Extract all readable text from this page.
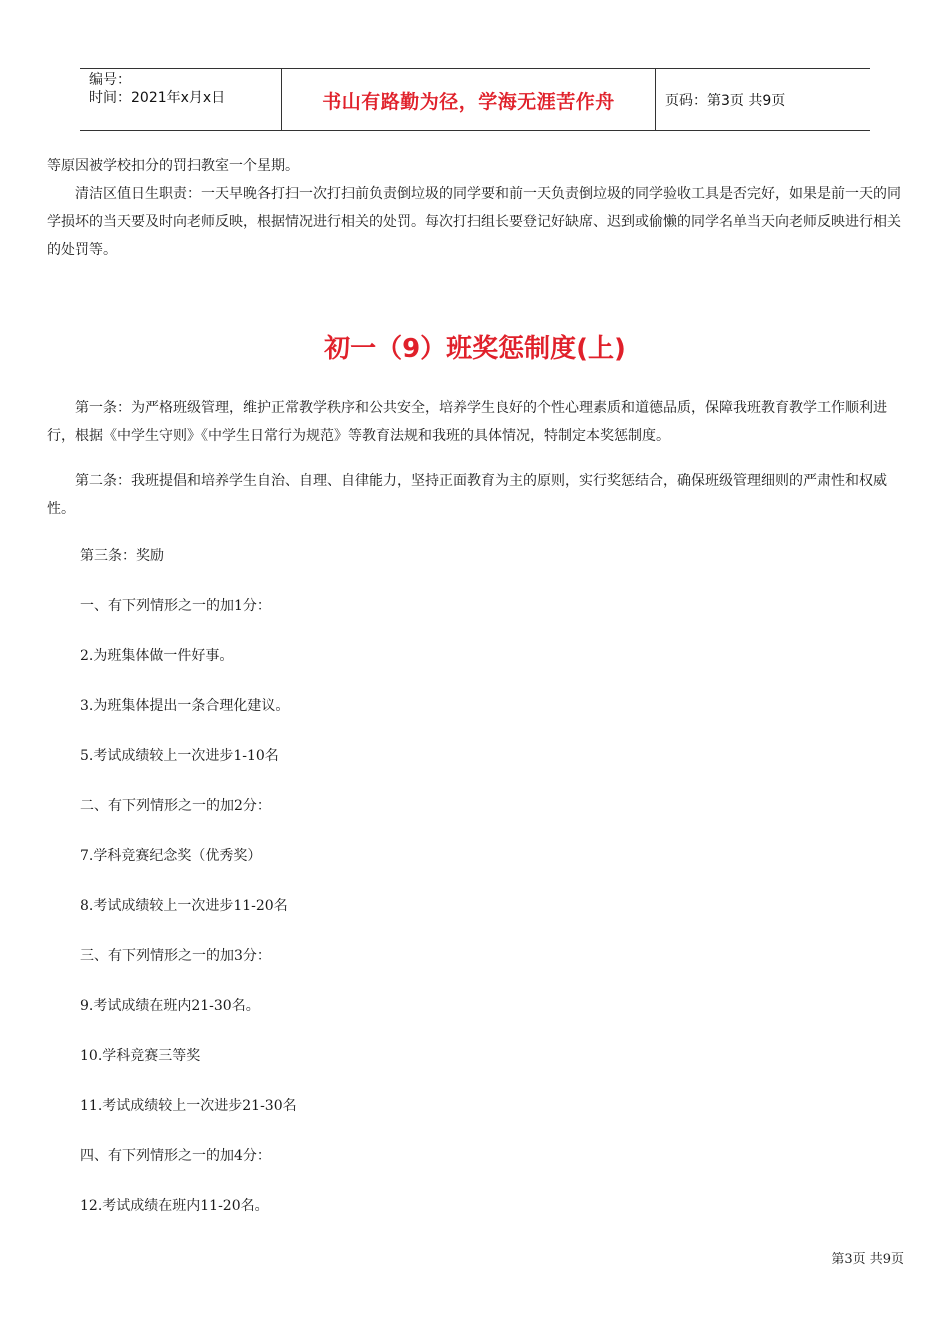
编号：
时间：2021年x月x日	书山有路勤为径，学海无涯苦作舟	页码：第3页 共9页

等原因被学校扣分的罚扫教室一个星期。

清洁区值日生职责：一天早晚各打扫一次打扫前负责倒垃圾的同学要和前一天负责倒垃圾的同学验收工具是否完好，如果是前一天的同学损坏的当天要及时向老师反映，根据情况进行相关的处罚。每次打扫组长要登记好缺席、迟到或偷懒的同学名单当天向老师反映进行相关的处罚等。

初一（9）班奖惩制度(上)

第一条：为严格班级管理，维护正常教学秩序和公共安全，培养学生良好的个性心理素质和道德品质，保障我班教育教学工作顺利进行，根据《中学生守则》《中学生日常行为规范》等教育法规和我班的具体情况，特制定本奖惩制度。

第二条：我班提倡和培养学生自治、自理、自律能力，坚持正面教育为主的原则，实行奖惩结合，确保班级管理细则的严肃性和权威性。

第三条：奖励

一、有下列情形之一的加1分：

2.为班集体做一件好事。

3.为班集体提出一条合理化建议。

5.考试成绩较上一次进步1-10名

二、有下列情形之一的加2分：

7.学科竞赛纪念奖（优秀奖）

8.考试成绩较上一次进步11-20名

三、有下列情形之一的加3分：

9.考试成绩在班内21-30名。

10.学科竞赛三等奖

11.考试成绩较上一次进步21-30名

四、有下列情形之一的加4分：

12.考试成绩在班内11-20名。

第3页 共9页
